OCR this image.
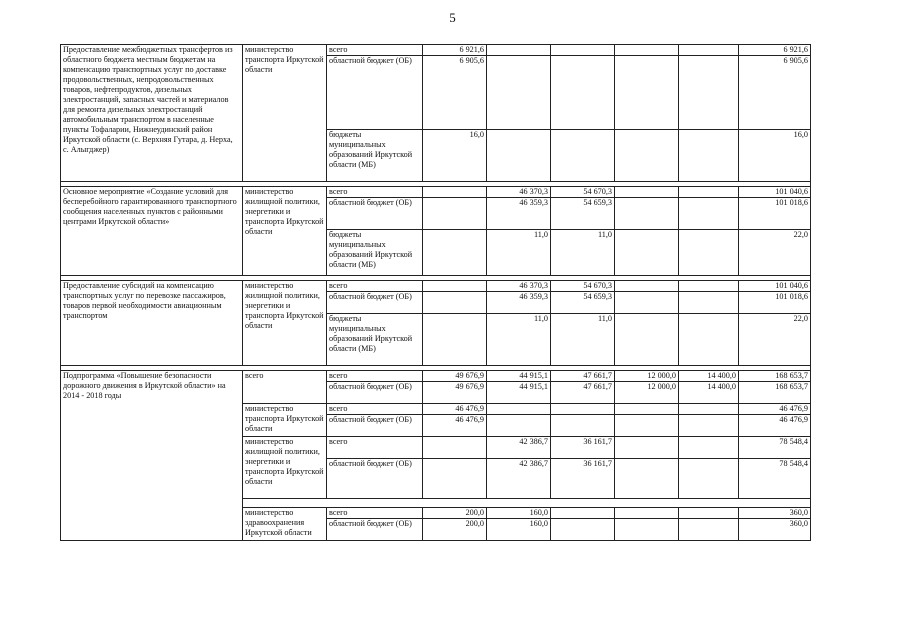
5
Предоставление межбюджетных трансфертов из областного бюджета местным бюджетам на компенсацию транспортных услуг по доставке продовольственных, непродовольственных товаров, нефтепродуктов, дизельных электростанций, запасных частей и материалов для ремонта дизельных электростанций автомобильным транспортом в населенные пункты Тофаларии, Нижнеудинский район Иркутской области (с. Верхняя Гутара, д. Нерха, с. Алыгджер)	министерство транспорта Иркутской области	всего	6 921,6					6 921,6
		областной бюджет (ОБ)	6 905,6					6 905,6
		бюджеты муниципальных образований Иркутской области (МБ)	16,0					16,0

Основное мероприятие «Создание условий для бесперебойного гарантированного транспортного сообщения населенных пунктов с районными центрами Иркутской области»	министерство жилищной политики, энергетики и транспорта Иркутской области	всего		46 370,3	54 670,3			101 040,6
		областной бюджет (ОБ)		46 359,3	54 659,3			101 018,6
		бюджеты муниципальных образований Иркутской области (МБ)		11,0	11,0			22,0

Предоставление субсидий на компенсацию транспортных услуг по перевозке пассажиров, товаров первой необходимости авиационным транспортом	министерство жилищной политики, энергетики и транспорта Иркутской области	всего		46 370,3	54 670,3			101 040,6
		областной бюджет (ОБ)		46 359,3	54 659,3			101 018,6
		бюджеты муниципальных образований Иркутской области (МБ)		11,0	11,0			22,0

Подпрограмма «Повышение безопасности дорожного движения в Иркутской области» на 2014 - 2018 годы	всего	всего	49 676,9	44 915,1	47 661,7	12 000,0	14 400,0	168 653,7
		областной бюджет (ОБ)	49 676,9	44 915,1	47 661,7	12 000,0	14 400,0	168 653,7
	министерство транспорта Иркутской области	всего	46 476,9					46 476,9
		областной бюджет (ОБ)	46 476,9					46 476,9
	министерство жилищной политики, энергетики и транспорта Иркутской области	всего		42 386,7	36 161,7			78 548,4
		областной бюджет (ОБ)		42 386,7	36 161,7			78 548,4

	министерство здравоохранения Иркутской области	всего	200,0	160,0				360,0
		областной бюджет (ОБ)	200,0	160,0				360,0
